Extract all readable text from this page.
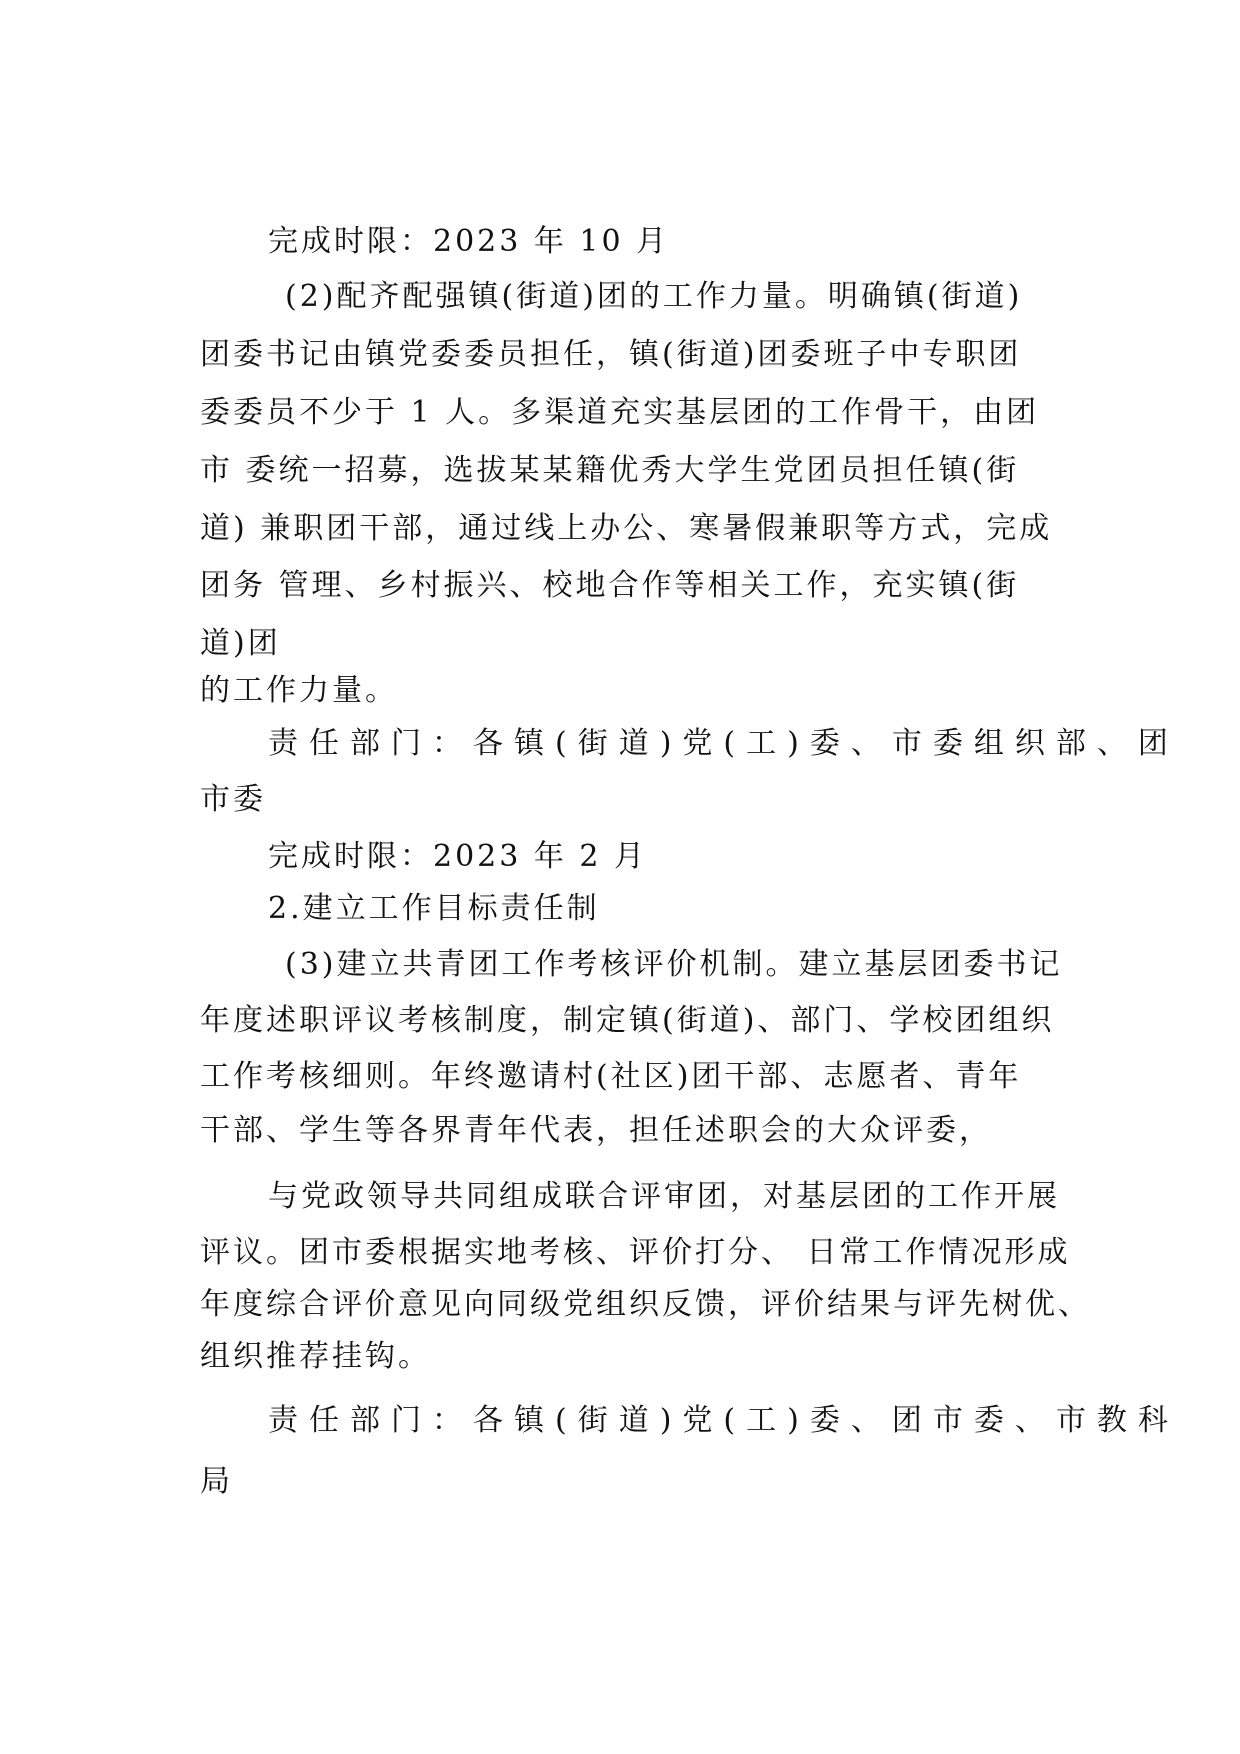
完成时限：2023 年 10 月
(2)配齐配强镇(街道)团的工作力量。明确镇(街道)
团委书记由镇党委委员担任，镇(街道)团委班子中专职团
委委员不少于 1 人。多渠道充实基层团的工作骨干，由团
市 委统一招募，选拔某某籍优秀大学生党团员担任镇(街
道) 兼职团干部，通过线上办公、寒暑假兼职等方式，完成
团务 管理、乡村振兴、校地合作等相关工作，充实镇(街
道)团
的工作力量。
责任部门：各镇(街道)党(工)委、市委组织部、团
市委
完成时限：2023 年 2 月
2.建立工作目标责任制
(3)建立共青团工作考核评价机制。建立基层团委书记
年度述职评议考核制度，制定镇(街道)、部门、学校团组织
工作考核细则。年终邀请村(社区)团干部、志愿者、青年
干部、学生等各界青年代表，担任述职会的大众评委，
与党政领导共同组成联合评审团，对基层团的工作开展
评议。团市委根据实地考核、评价打分、 日常工作情况形成
年度综合评价意见向同级党组织反馈，评价结果与评先树优、
组织推荐挂钩。
责任部门：各镇(街道)党(工)委、团市委、市教科
局
